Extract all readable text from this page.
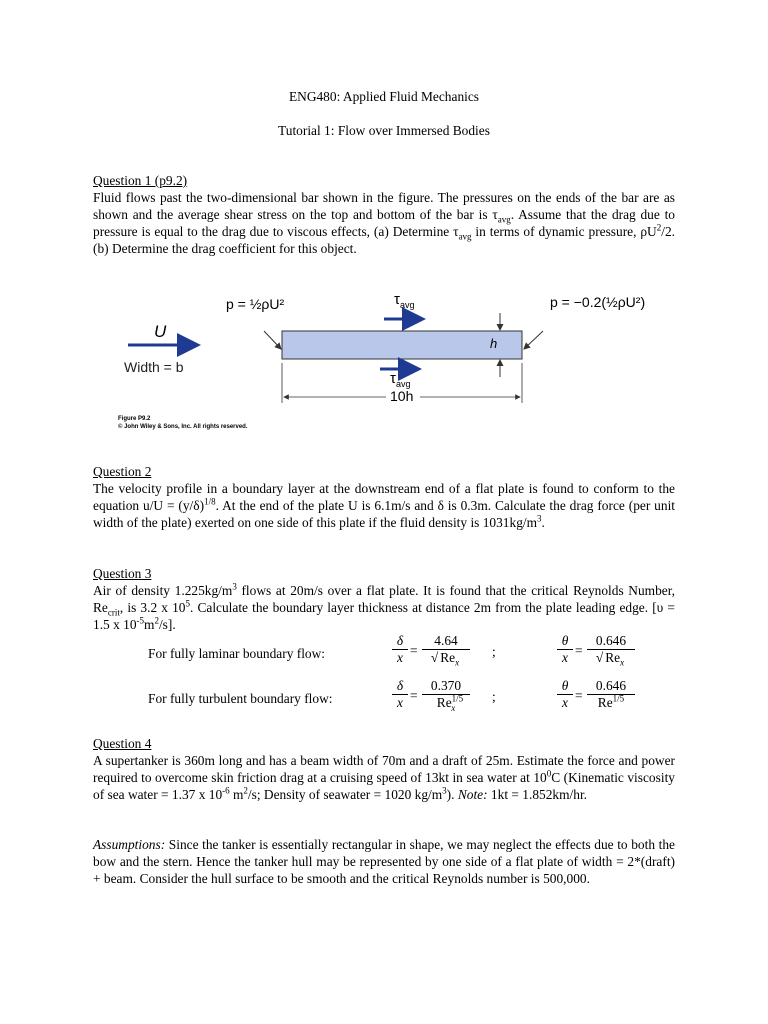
ENG480: Applied Fluid Mechanics
Tutorial 1: Flow over Immersed Bodies
Question 1 (p9.2)

Fluid flows past the two-dimensional bar shown in the figure. The pressures on the ends of the bar are as shown and the average shear stress on the top and bottom of the bar is $\tau_{avg}$. Assume that the drag due to pressure is equal to the drag due to viscous effects, (a) Determine $\tau_{avg}$ in terms of dynamic pressure, $\rho U^2/2$. (b) Determine the drag coefficient for this object.

p = ½ρU²	p = −0.2(½ρU²)
$\tau_{avg}$
$\tau_{avg}$
U
Width = b
h
10h
Figure P9.2
© John Wiley & Sons, Inc. All rights reserved.
Question 2

The velocity profile in a boundary layer at the downstream end of a flat plate is found to conform to the equation $u/U = (y/\delta)^{1/8}$. At the end of the plate U is 6.1m/s and δ is 0.3m. Calculate the drag force (per unit width of the plate) exerted on one side of this plate if the fluid density is $1031kg/m^3$.

Question 3

Air of density $1.225kg/m^3$ flows at 20m/s over a flat plate. It is found that the critical Reynolds Number, $Re_{crit}$, is 3.2 x $10^5$. Calculate the boundary layer thickness at distance 2m from the plate leading edge. [υ = 1.5 x $10^{-5}m^2/s$].

For fully laminar boundary flow:	$\frac{\delta}{x}$ =
4.64
√ $Re_x$
;	$\frac{\theta}{x}$ =
0.646
√ $Re_x$
For fully turbulent boundary flow:	$\frac{\delta}{x} = \frac{0.370}{Re^{1/5}_x}$ ;	$\frac{\theta}{x} = \frac{0.646}{Re^{1/5}}$
Question 4

A supertanker is 360m long and has a beam width of 70m and a draft of 25m. Estimate the force and power required to overcome skin friction drag at a cruising speed of 13kt in sea water at $10^0C$ (Kinematic viscosity of sea water = 1.37 x $10^{-6}$ $m^2/s$; Density of seawater = 1020 $kg/m^3$). Note: 1kt = 1.852km/hr.

Assumptions: Since the tanker is essentially rectangular in shape, we may neglect the effects due to both the bow and the stern. Hence the tanker hull may be represented by one side of a flat plate of width = 2*(draft) + beam. Consider the hull surface to be smooth and the critical Reynolds number is 500,000.
